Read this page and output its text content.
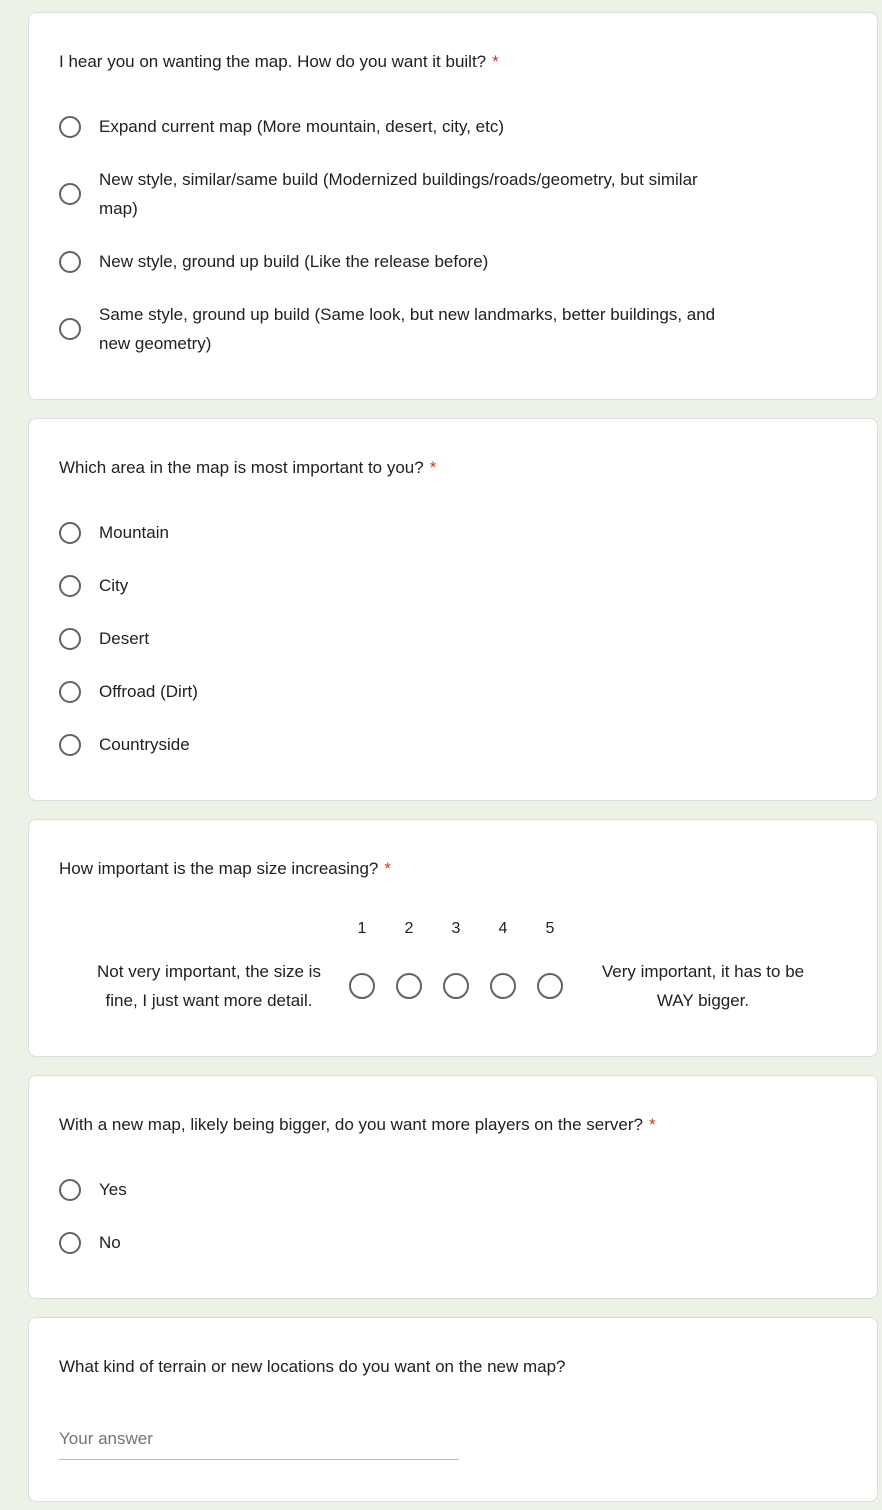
I hear you on wanting the map. How do you want it built? *
Expand current map (More mountain, desert, city, etc)
New style, similar/same build (Modernized buildings/roads/geometry, but similar map)
New style, ground up build (Like the release before)
Same style, ground up build (Same look, but new landmarks, better buildings, and new geometry)
Which area in the map is most important to you? *
Mountain
City
Desert
Offroad (Dirt)
Countryside
How important is the map size increasing? *
Not very important, the size is fine, I just want more detail.
1	2	3	4	5
Very important, it has to be WAY bigger.
With a new map, likely being bigger, do you want more players on the server? *
Yes
No
What kind of terrain or new locations do you want on the new map?
Your answer
